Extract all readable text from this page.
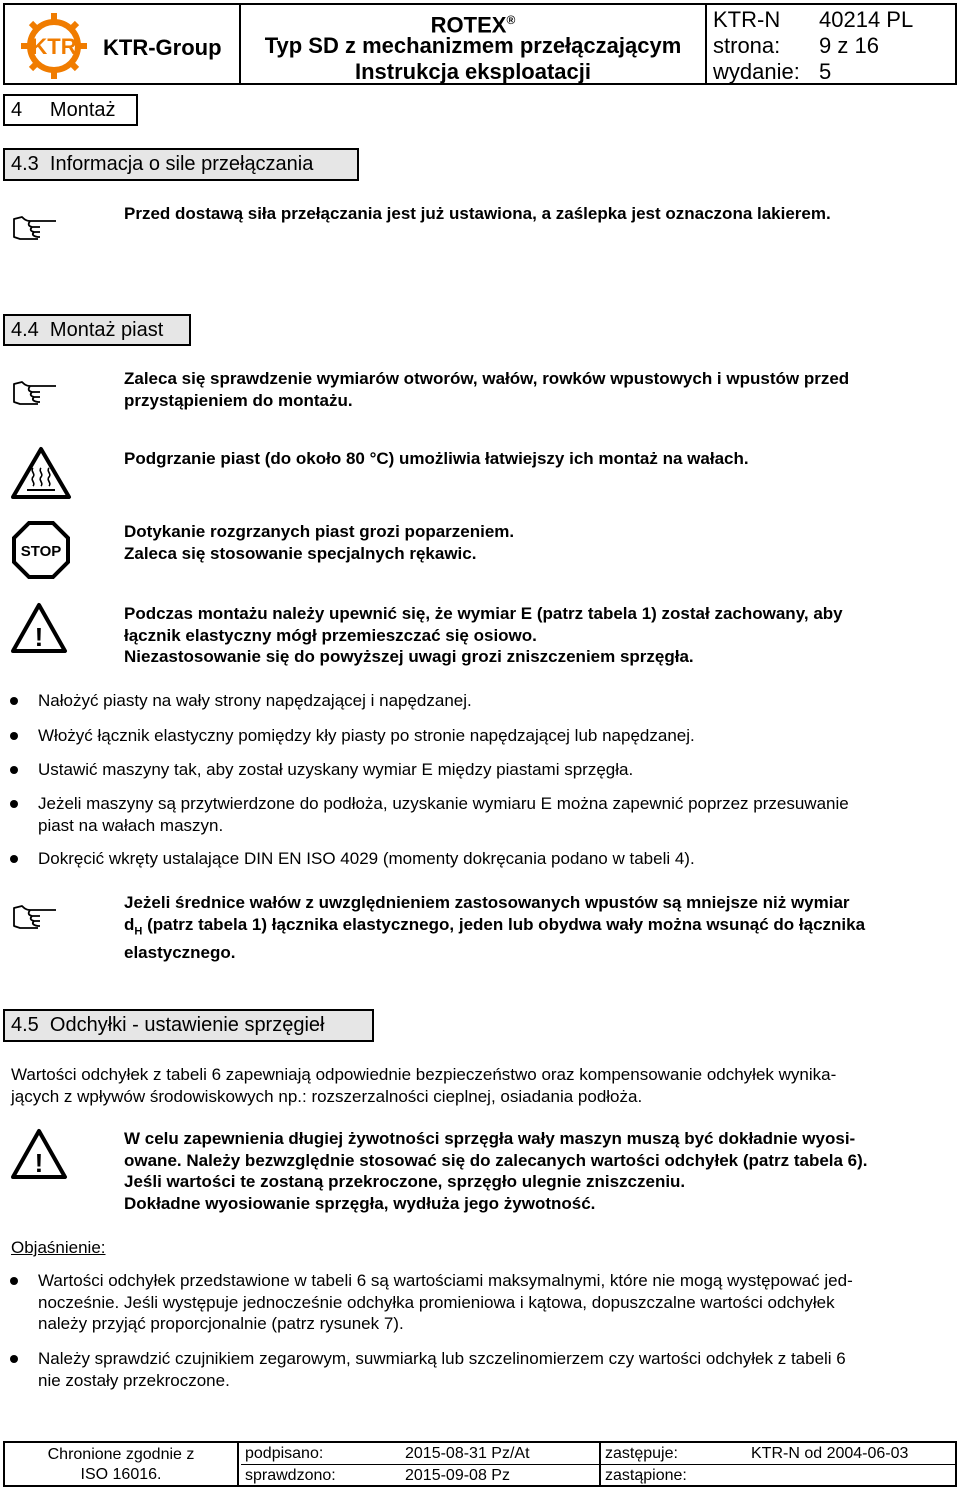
KTR KTR-Group
ROTEX®
Typ SD z mechanizmem przełączającym
Instrukcja eksploatacji
KTR-N 40214 PL
strona: 9 z 16
wydanie: 5
4     Montaż
4.3  Informacja o sile przełączania
Przed dostawą siła przełączania jest już ustawiona, a zaślepka jest oznaczona lakierem.
4.4  Montaż piast
Zaleca się sprawdzenie wymiarów otworów, wałów, rowków wpustowych i wpustów przed
przystąpieniem do montażu.
Podgrzanie piast (do około 80 °C) umożliwia łatwiejszy ich montaż na wałach.
STOP
Dotykanie rozgrzanych piast grozi poparzeniem.
Zaleca się stosowanie specjalnych rękawic.
!
Podczas montażu należy upewnić się, że wymiar E (patrz tabela 1) został zachowany, aby
łącznik elastyczny mógł przemieszczać się osiowo.
Niezastosowanie się do powyższej uwagi grozi zniszczeniem sprzęgła.
Nałożyć piasty na wały strony napędzającej i napędzanej.
Włożyć łącznik elastyczny pomiędzy kły piasty po stronie napędzającej lub napędzanej.
Ustawić maszyny tak, aby został uzyskany wymiar E między piastami sprzęgła.
Jeżeli maszyny są przytwierdzone do podłoża, uzyskanie wymiaru E można zapewnić poprzez przesuwanie
piast na wałach maszyn.
Dokręcić wkręty ustalające DIN EN ISO 4029 (momenty dokręcania podano w tabeli 4).
Jeżeli średnice wałów z uwzględnieniem zastosowanych wpustów są mniejsze niż wymiar
$d_H$ (patrz tabela 1) łącznika elastycznego, jeden lub obydwa wały można wsunąć do łącznika
elastycznego.
4.5  Odchyłki - ustawienie sprzęgieł
Wartości odchyłek z tabeli 6 zapewniają odpowiednie bezpieczeństwo oraz kompensowanie odchyłek wynika-
jących z wpływów środowiskowych np.: rozszerzalności cieplnej, osiadania podłoża.
!
W celu zapewnienia długiej żywotności sprzęgła wały maszyn muszą być dokładnie wyosi-
owane. Należy bezwzględnie stosować się do zalecanych wartości odchyłek (patrz tabela 6).
Jeśli wartości te zostaną przekroczone, sprzęgło ulegnie zniszczeniu.
Dokładne wyosiowanie sprzęgła, wydłuża jego żywotność.
Objaśnienie:
Wartości odchyłek przedstawione w tabeli 6 są wartościami maksymalnymi, które nie mogą występować jed-
nocześnie. Jeśli występuje jednocześnie odchyłka promieniowa i kątowa, dopuszczalne wartości odchyłek
należy przyjąć proporcjonalnie (patrz rysunek 7).
Należy sprawdzić czujnikiem zegarowym, suwmiarką lub szczelinomierzem czy wartości odchyłek z tabeli 6
nie zostały przekroczone.
Chronione zgodnie z
ISO 16016.
podpisano:	2015-08-31 Pz/At
sprawdzono:	2015-09-08 Pz
zastępuje:	KTR-N od 2004-06-03
zastąpione:
